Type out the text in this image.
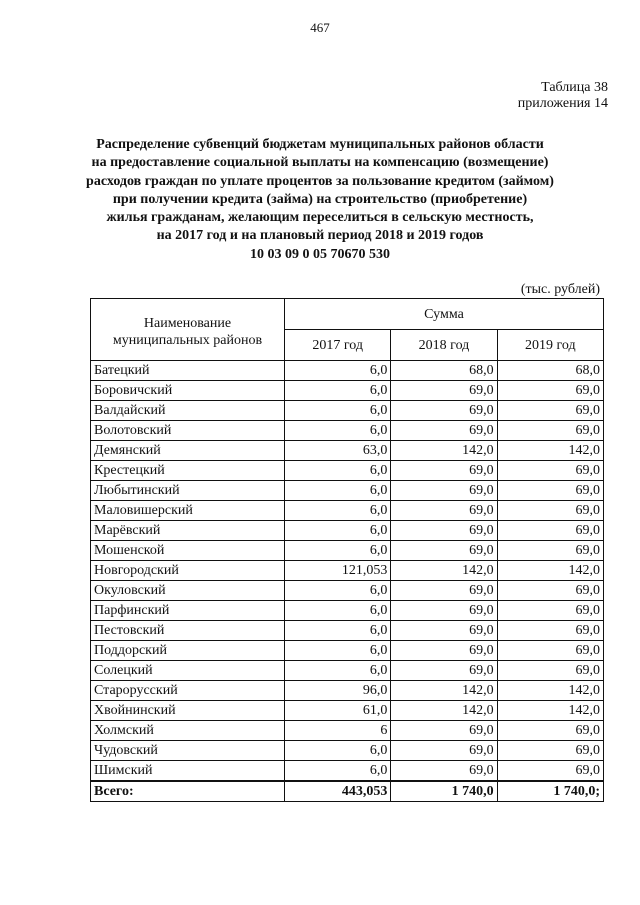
467
Таблица 38
приложения 14
Распределение субвенций бюджетам муниципальных районов области
на предоставление социальной выплаты на компенсацию (возмещение)
расходов граждан по уплате процентов за пользование кредитом (займом)
при получении кредита (займа) на строительство (приобретение)
жилья гражданам, желающим переселиться в сельскую местность,
на 2017 год и на плановый период 2018 и 2019 годов
10 03 09 0 05 70670 530
(тыс. рублей)
Наименование муниципальных районов	Сумма		
	2017 год	2018 год	2019 год
Батецкий	6,0	68,0	68,0
Боровичский	6,0	69,0	69,0
Валдайский	6,0	69,0	69,0
Волотовский	6,0	69,0	69,0
Демянский	63,0	142,0	142,0
Крестецкий	6,0	69,0	69,0
Любытинский	6,0	69,0	69,0
Маловишерский	6,0	69,0	69,0
Марёвский	6,0	69,0	69,0
Мошенской	6,0	69,0	69,0
Новгородский	121,053	142,0	142,0
Окуловский	6,0	69,0	69,0
Парфинский	6,0	69,0	69,0
Пестовский	6,0	69,0	69,0
Поддорский	6,0	69,0	69,0
Солецкий	6,0	69,0	69,0
Старорусский	96,0	142,0	142,0
Хвойнинский	61,0	142,0	142,0
Холмский	6	69,0	69,0
Чудовский	6,0	69,0	69,0
Шимский	6,0	69,0	69,0
Всего:	443,053	1 740,0	1 740,0;
